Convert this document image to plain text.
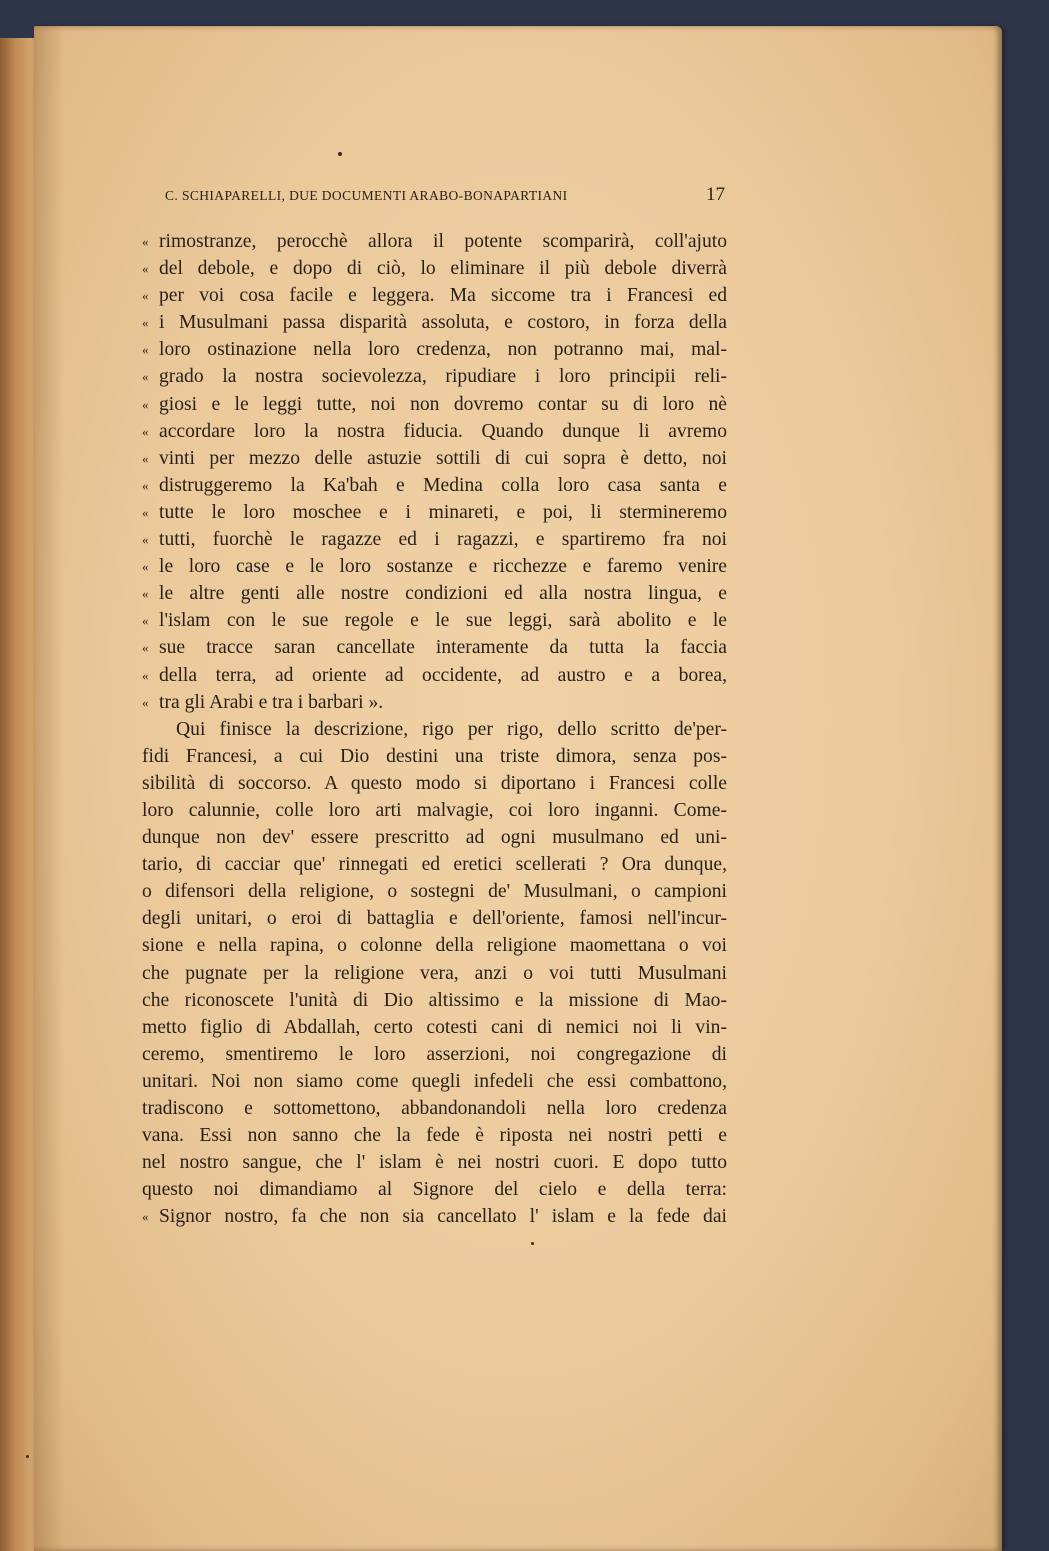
C. SCHIAPARELLI, DUE DOCUMENTI ARABO-BONAPARTIANI	17
« rimostranze, perocchè allora il potente scomparirà, coll'ajuto
« del debole, e dopo di ciò, lo eliminare il più debole diverrà
« per voi cosa facile e leggera. Ma siccome tra i Francesi ed
« i Musulmani passa disparità assoluta, e costoro, in forza della
« loro ostinazione nella loro credenza, non potranno mai, mal-
« grado la nostra socievolezza, ripudiare i loro principii reli-
« giosi e le leggi tutte, noi non dovremo contar su di loro nè
« accordare loro la nostra fiducia. Quando dunque li avremo
« vinti per mezzo delle astuzie sottili di cui sopra è detto, noi
« distruggeremo la Ka'bah e Medina colla loro casa santa e
« tutte le loro moschee e i minareti, e poi, li stermineremo
« tutti, fuorchè le ragazze ed i ragazzi, e spartiremo fra noi
« le loro case e le loro sostanze e ricchezze e faremo venire
« le altre genti alle nostre condizioni ed alla nostra lingua, e
« l'islam con le sue regole e le sue leggi, sarà abolito e le
« sue tracce saran cancellate interamente da tutta la faccia
« della terra, ad oriente ad occidente, ad austro e a borea,
« tra gli Arabi e tra i barbari ».
Qui finisce la descrizione, rigo per rigo, dello scritto de'per-
fidi Francesi, a cui Dio destini una triste dimora, senza pos-
sibilità di soccorso. A questo modo si diportano i Francesi colle
loro calunnie, colle loro arti malvagie, coi loro inganni. Come-
dunque non dev' essere prescritto ad ogni musulmano ed uni-
tario, di cacciar que' rinnegati ed eretici scellerati ? Ora dunque,
o difensori della religione, o sostegni de' Musulmani, o campioni
degli unitari, o eroi di battaglia e dell'oriente, famosi nell'incur-
sione e nella rapina, o colonne della religione maomettana o voi
che pugnate per la religione vera, anzi o voi tutti Musulmani
che riconoscete l'unità di Dio altissimo e la missione di Mao-
metto figlio di Abdallah, certo cotesti cani di nemici noi li vin-
ceremo, smentiremo le loro asserzioni, noi congregazione di
unitari. Noi non siamo come quegli infedeli che essi combattono,
tradiscono e sottomettono, abbandonandoli nella loro credenza
vana. Essi non sanno che la fede è riposta nei nostri petti e
nel nostro sangue, che l' islam è nei nostri cuori. E dopo tutto
questo noi dimandiamo al Signore del cielo e della terra:
« Signor nostro, fa che non sia cancellato l' islam e la fede dai
